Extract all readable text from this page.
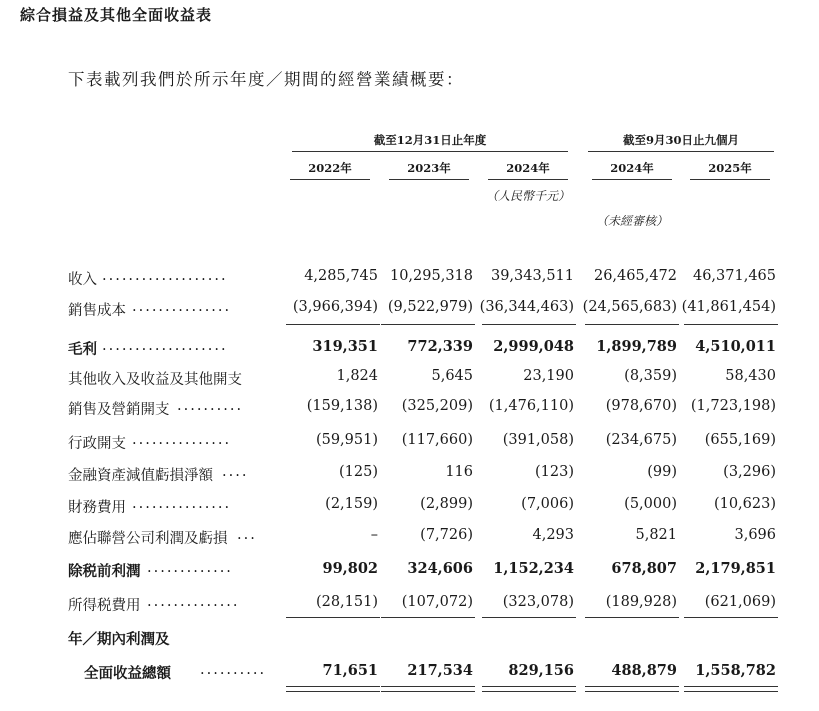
綜合損益及其他全面收益表
下表載列我們於所示年度／期間的經營業績概要：
截至12月31日止年度	截至9月30日止九個月
2022年	2023年	2024年	2024年	2025年
（人民幣千元）
（未經審核）
收入 ...................	4,285,745 10,295,318	39,343,511	26,465,472	46,371,465
銷售成本 ...............	(3,966,394) (9,522,979) (36,344,463) (24,565,683) (41,861,454)
毛利 ...................	319,351	772,339	2,999,048	1,899,789	4,510,011
其他收入及收益及其他開支	1,824	5,645	23,190	(8,359)	58,430
銷售及營銷開支 ..........	(159,138)	(325,209)	(1,476,110)	(978,670) (1,723,198)
行政開支 ...............	(59,951)	(117,660)	(391,058)	(234,675)	(655,169)
金融資產減值虧損淨額 ....	(125)	116	(123)	(99)	(3,296)
財務費用 ...............	(2,159)	(2,899)	(7,006)	(5,000)	(10,623)
應佔聯營公司利潤及虧損 ...	–	(7,726)	4,293	5,821	3,696
除税前利潤 .............	99,802	324,606	1,152,234	678,807	2,179,851
所得税費用 ..............	(28,151)	(107,072)	(323,078)	(189,928)	(621,069)
年／期內利潤及
全面收益總額 ..........	71,651	217,534	829,156	488,879	1,558,782
